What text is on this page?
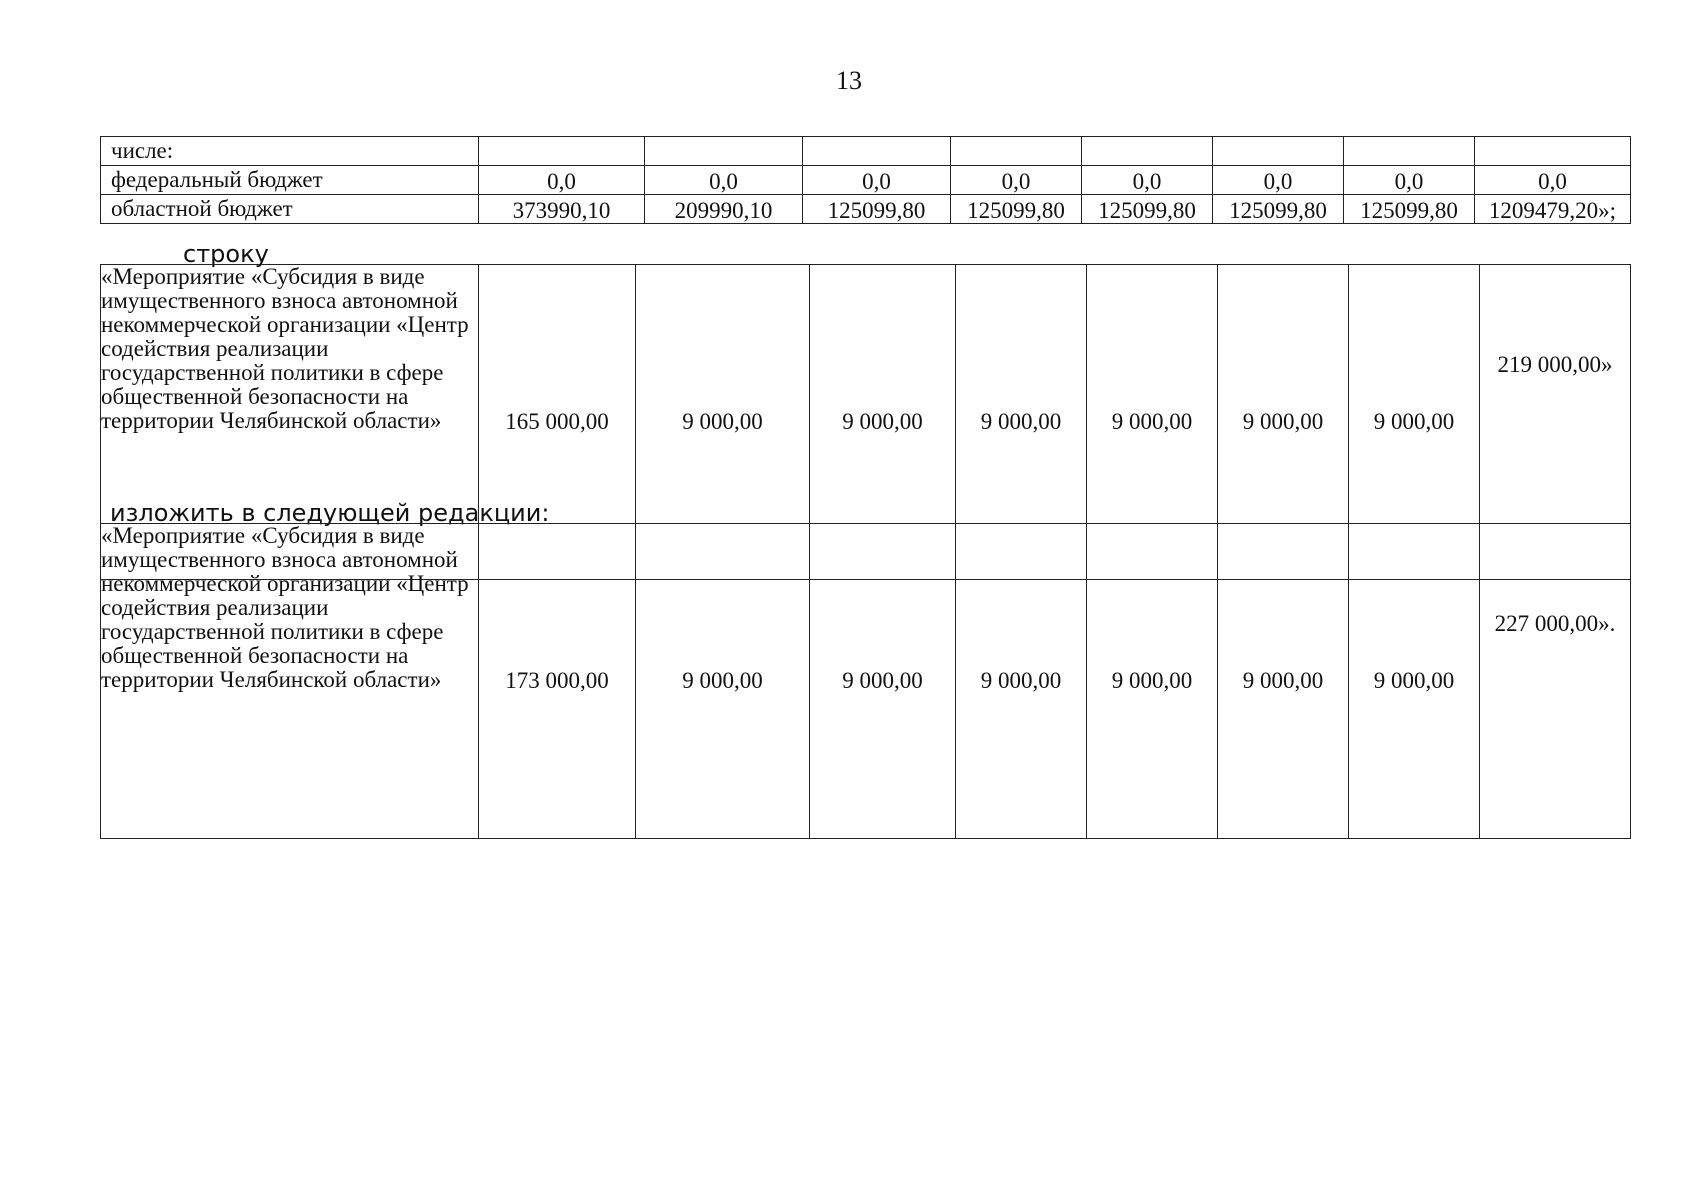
13
числе:								
федеральный бюджет	0,0	0,0	0,0	0,0	0,0	0,0	0,0	0,0
областной бюджет	373990,10	209990,10	125099,80	125099,80	125099,80	125099,80	125099,80	1209479,20»;
строку
«Мероприятие «Субсидия в виде имущественного взноса автономной некоммерческой организации «Центр содействия реализации государственной политики в сфере общественной безопасности на территории Челябинской области»	165 000,00	9 000,00	9 000,00	9 000,00	9 000,00	9 000,00	9 000,00	219 000,00»
изложить в следующей редакции:
«Мероприятие «Субсидия в виде имущественного взноса автономной некоммерческой организации «Центр содействия реализации государственной политики в сфере общественной безопасности на территории Челябинской области»	173 000,00	9 000,00	9 000,00	9 000,00	9 000,00	9 000,00	9 000,00	227 000,00».
